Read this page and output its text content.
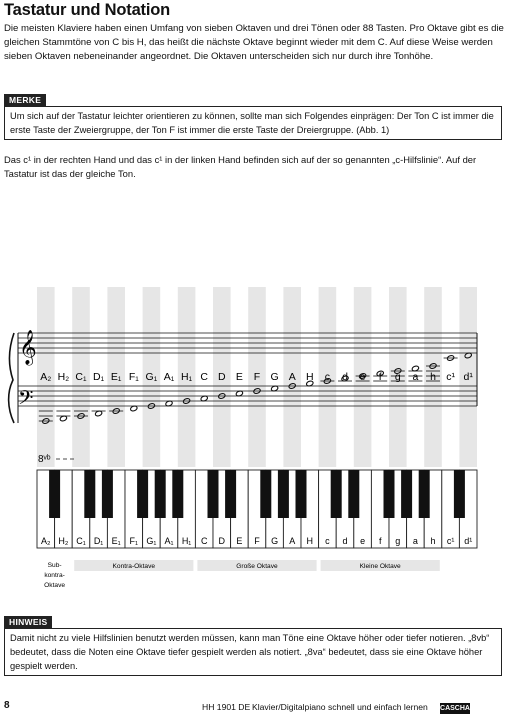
Tastatur und Notation

Die meisten Klaviere haben einen Umfang von sieben Oktaven und drei Tönen oder 88 Tasten. Pro Oktave gibt es die gleichen Stammtöne von C bis H, das heißt die nächste Oktave beginnt wieder mit dem C. Auf diese Weise werden sieben Oktaven nebeneinander angeordnet. Die Oktaven unterscheiden sich nur durch ihre Tonhöhe.

MERKE
Um sich auf der Tastatur leichter orientieren zu können, sollte man sich Folgendes einprägen: Der Ton C ist immer die erste Taste der Zweiergruppe, der Ton F ist immer die erste Taste der Dreiergruppe. (Abb. 1)

Das c¹ in der rechten Hand und das c¹ in der linken Hand befinden sich auf der so genannten „c-Hilfslinie“. Auf der Tastatur ist das der gleiche Ton.

𝄞
𝄢
A₂ H₂ C₁ D₁ E₁ F₁ G₁ A₁ H₁ C D E F G A H c d e f g a h c¹ d¹
8ᵛᵇ
A₂ H₂ C₁ D₁ E₁ F₁ G₁ A₁ H₁ C D E F G A H c d e f g a h c¹ d¹
Sub-
kontra-
Oktave
Kontra-Oktave	Große Oktave	Kleine Oktave
HINWEIS
Damit nicht zu viele Hilfslinien benutzt werden müssen, kann man Töne eine Oktave höher oder tiefer notieren. „8vb“ bedeutet, dass die Noten eine Oktave tiefer gespielt werden als notiert. „8va“ bedeutet, dass sie eine Oktave höher gespielt werden.
8	HH 1901 DE Klavier/Digitalpiano schnell und einfach lernen CASCHA
